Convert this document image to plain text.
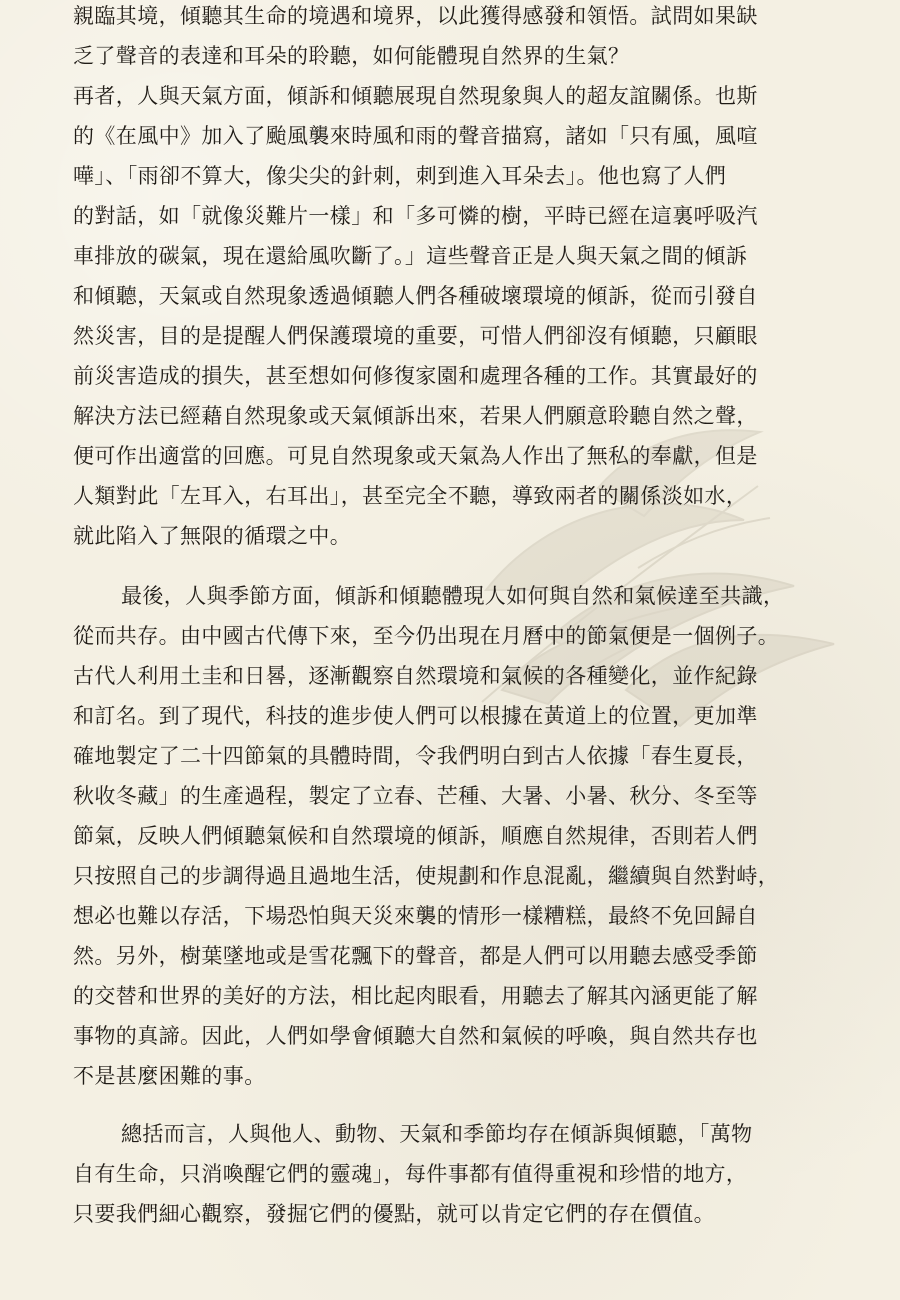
親臨其境，傾聽其生命的境遇和境界，以此獲得感發和領悟。試問如果缺
乏了聲音的表達和耳朵的聆聽，如何能體現自然界的生氣？
再者，人與天氣方面，傾訴和傾聽展現自然現象與人的超友誼關係。也斯
的《在風中》加入了颱風襲來時風和雨的聲音描寫，諸如「只有風，風喧
嘩」、「雨卻不算大，像尖尖的針刺，刺到進入耳朵去」。他也寫了人們
的對話，如「就像災難片一樣」和「多可憐的樹，平時已經在這裏呼吸汽
車排放的碳氣，現在還給風吹斷了。」這些聲音正是人與天氣之間的傾訴
和傾聽，天氣或自然現象透過傾聽人們各種破壞環境的傾訴，從而引發自
然災害，目的是提醒人們保護環境的重要，可惜人們卻沒有傾聽，只顧眼
前災害造成的損失，甚至想如何修復家園和處理各種的工作。其實最好的
解決方法已經藉自然現象或天氣傾訴出來，若果人們願意聆聽自然之聲，
便可作出適當的回應。可見自然現象或天氣為人作出了無私的奉獻，但是
人類對此「左耳入，右耳出」，甚至完全不聽，導致兩者的關係淡如水，
就此陷入了無限的循環之中。
最後，人與季節方面，傾訴和傾聽體現人如何與自然和氣候達至共識，
從而共存。由中國古代傳下來，至今仍出現在月曆中的節氣便是一個例子。
古代人利用土圭和日晷，逐漸觀察自然環境和氣候的各種變化，並作紀錄
和訂名。到了現代，科技的進步使人們可以根據在黃道上的位置，更加準
確地製定了二十四節氣的具體時間，令我們明白到古人依據「春生夏長，
秋收冬藏」的生產過程，製定了立春、芒種、大暑、小暑、秋分、冬至等
節氣，反映人們傾聽氣候和自然環境的傾訴，順應自然規律，否則若人們
只按照自己的步調得過且過地生活，使規劃和作息混亂，繼續與自然對峙，
想必也難以存活，下場恐怕與天災來襲的情形一樣糟糕，最終不免回歸自
然。另外，樹葉墜地或是雪花飄下的聲音，都是人們可以用聽去感受季節
的交替和世界的美好的方法，相比起肉眼看，用聽去了解其內涵更能了解
事物的真諦。因此，人們如學會傾聽大自然和氣候的呼喚，與自然共存也
不是甚麼困難的事。
總括而言，人與他人、動物、天氣和季節均存在傾訴與傾聽，「萬物
自有生命，只消喚醒它們的靈魂」，每件事都有值得重視和珍惜的地方，
只要我們細心觀察，發掘它們的優點，就可以肯定它們的存在價值。
